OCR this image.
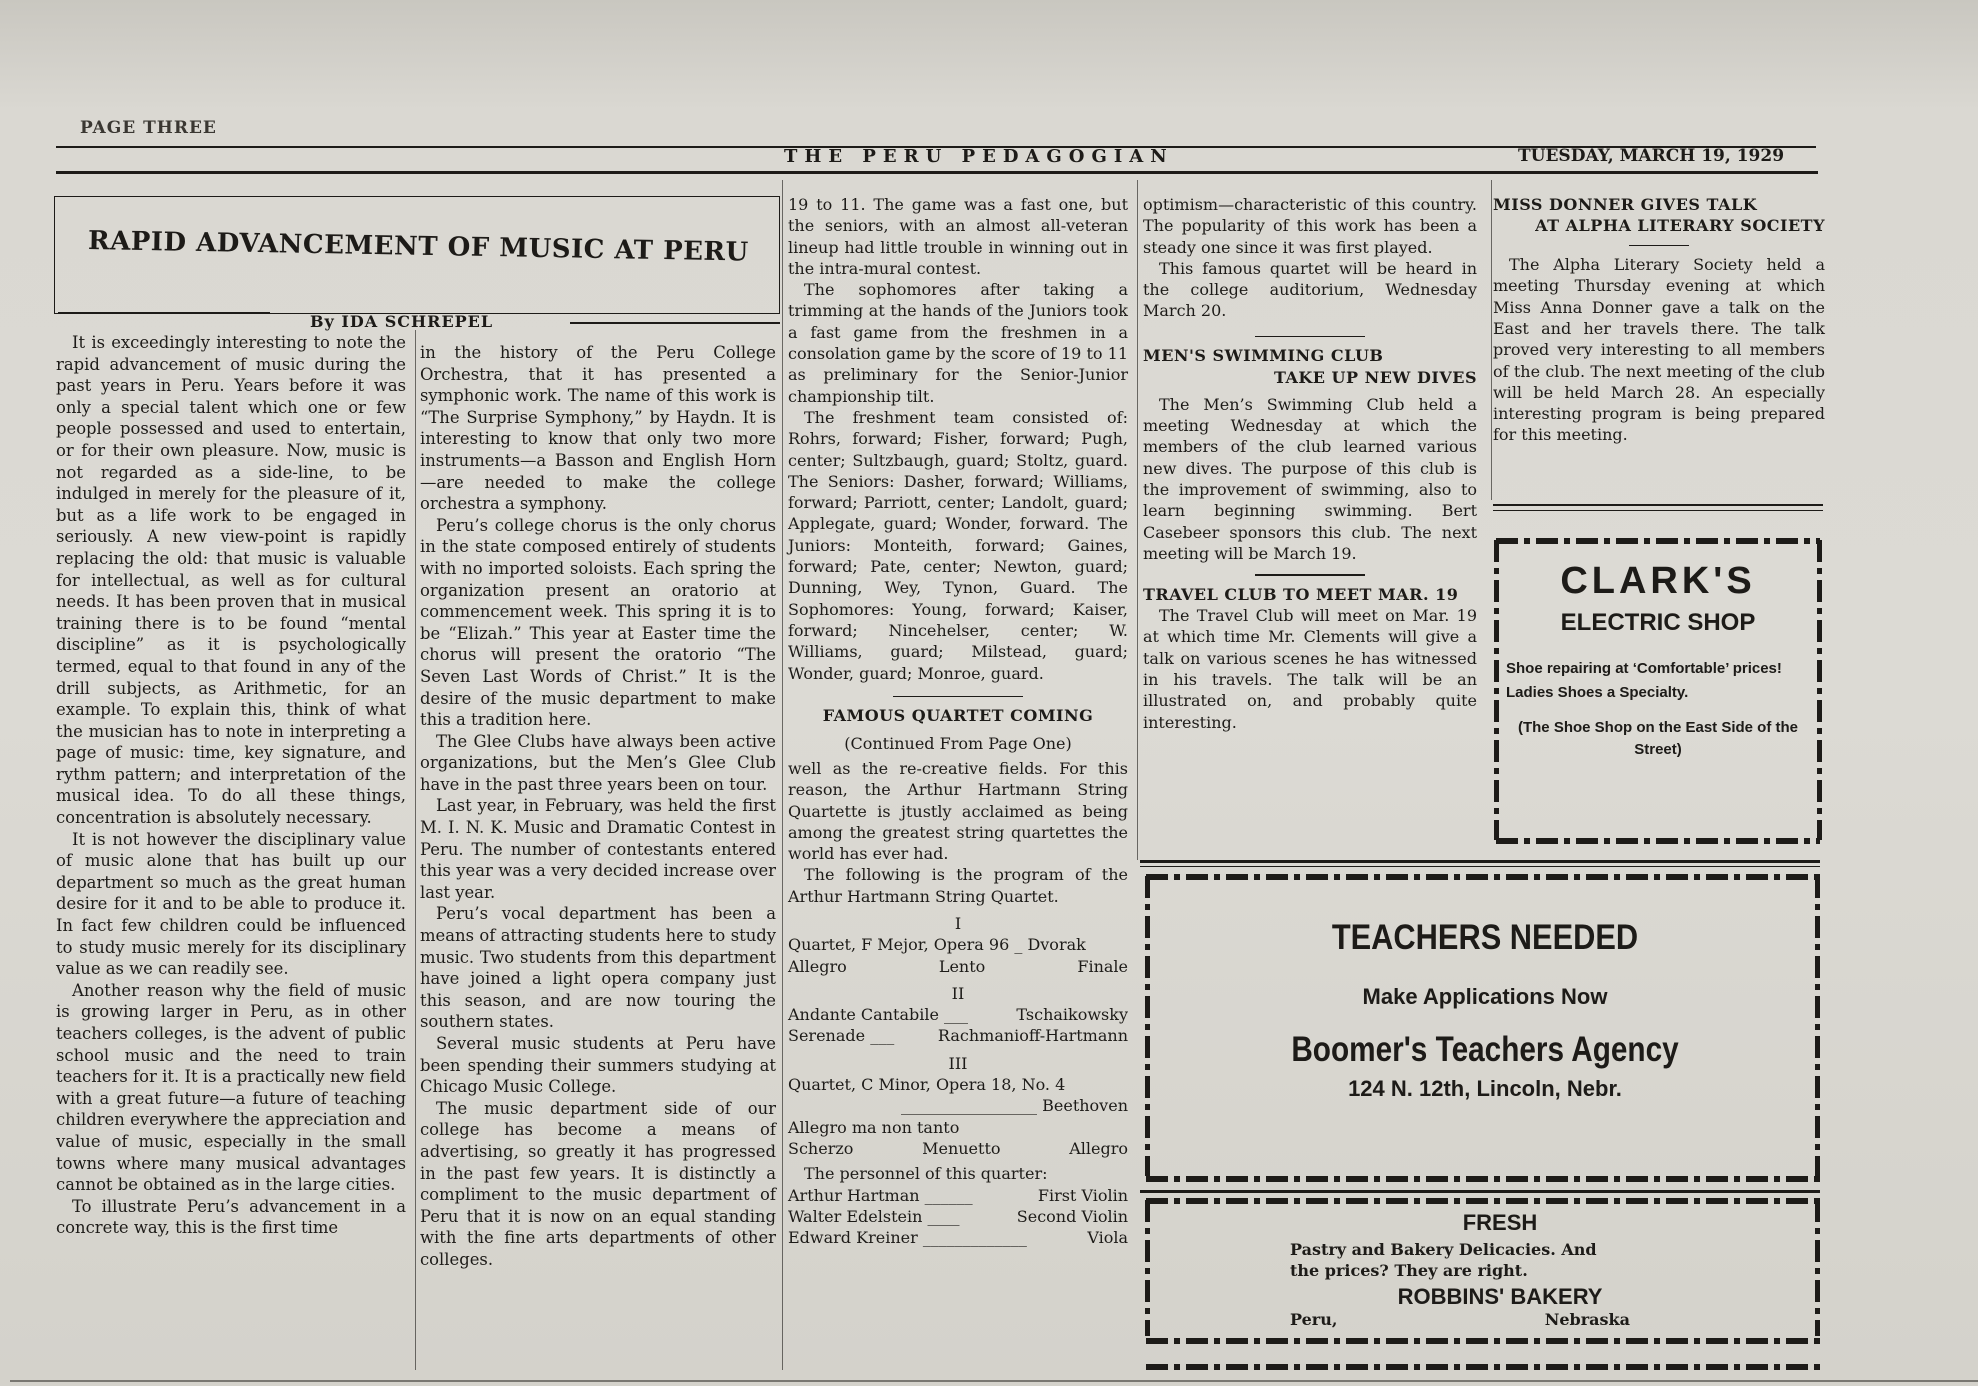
PAGE THREE
THE PERU PEDAGOGIAN	TUESDAY, MARCH 19, 1929
RAPID ADVANCEMENT OF MUSIC AT PERU
By IDA SCHREPEL

It is exceedingly interesting to note the rapid advancement of music during the past years in Peru. Years before it was only a special talent which one or few people possessed and used to entertain, or for their own pleasure. Now, music is not regarded as a side-line, to be indulged in merely for the pleasure of it, but as a life work to be engaged in seriously. A new view-point is rapidly replacing the old: that music is valuable for intellectual, as well as for cultural needs. It has been proven that in musical training there is to be found “mental discipline” as it is psychologically termed, equal to that found in any of the drill subjects, as Arithmetic, for an example. To explain this, think of what the musician has to note in interpreting a page of music: time, key signature, and rythm pattern; and interpretation of the musical idea. To do all these things, concentration is absolutely necessary.

It is not however the disciplinary value of music alone that has built up our department so much as the great human desire for it and to be able to produce it. In fact few children could be influenced to study music merely for its disciplinary value as we can readily see.

Another reason why the field of music is growing larger in Peru, as in other teachers colleges, is the advent of public school music and the need to train teachers for it. It is a practically new field with a great future—a future of teaching children everywhere the appreciation and value of music, especially in the small towns where many musical advantages cannot be obtained as in the large cities.

To illustrate Peru’s advancement in a concrete way, this is the first time

in the history of the Peru College Orchestra, that it has presented a symphonic work. The name of this work is “The Surprise Symphony,” by Haydn. It is interesting to know that only two more instruments—a Basson and English Horn—are needed to make the college orchestra a symphony.

Peru’s college chorus is the only chorus in the state composed entirely of students with no imported soloists. Each spring the organization present an oratorio at commencement week. This spring it is to be “Elizah.” This year at Easter time the chorus will present the oratorio “The Seven Last Words of Christ.” It is the desire of the music department to make this a tradition here.

The Glee Clubs have always been active organizations, but the Men’s Glee Club have in the past three years been on tour.

Last year, in February, was held the first M. I. N. K. Music and Dramatic Contest in Peru. The number of contestants entered this year was a very decided increase over last year.

Peru’s vocal department has been a means of attracting students here to study music. Two students from this department have joined a light opera company just this season, and are now touring the southern states.

Several music students at Peru have been spending their summers studying at Chicago Music College.

The music department side of our college has become a means of advertising, so greatly it has progressed in the past few years. It is distinctly a compliment to the music department of Peru that it is now on an equal standing with the fine arts departments of other colleges.

19 to 11. The game was a fast one, but the seniors, with an almost all-veteran lineup had little trouble in winning out in the intra-mural contest.

The sophomores after taking a trimming at the hands of the Juniors took a fast game from the freshmen in a consolation game by the score of 19 to 11 as preliminary for the Senior-Junior championship tilt.

The freshment team consisted of: Rohrs, forward; Fisher, forward; Pugh, center; Sultzbaugh, guard; Stoltz, guard. The Seniors: Dasher, forward; Williams, forward; Parriott, center; Landolt, guard; Applegate, guard; Wonder, forward. The Juniors: Monteith, forward; Gaines, forward; Pate, center; Newton, guard; Dunning, Wey, Tynon, Guard. The Sophomores: Young, forward; Kaiser, forward; Nincehelser, center; W. Williams, guard; Milstead, guard; Wonder, guard; Monroe, guard.

FAMOUS QUARTET COMING
(Continued From Page One)

well as the re-creative fields. For this reason, the Arthur Hartmann String Quartette is jtustly acclaimed as being among the greatest string quartettes the world has ever had.

The following is the program of the Arthur Hartmann String Quartet.

I
Quartet, F Mejor, Opera 96 _ Dvorak
Allegro	Lento	Finale
II
Andante Cantabile ___	Tschaikowsky
Serenade ___	Rachmanioff-Hartmann
III
Quartet, C Minor, Opera 18, No. 4
_________________ Beethoven
Allegro ma non tanto
Scherzo	Menuetto	Allegro

The personnel of this quarter:

Arthur Hartman ______	First Violin
Walter Edelstein ____	Second Violin
Edward Kreiner _____________	Viola

optimism—characteristic of this country. The popularity of this work has been a steady one since it was first played.

This famous quartet will be heard in the college auditorium, Wednesday March 20.

MEN'S SWIMMING CLUB
TAKE UP NEW DIVES

The Men’s Swimming Club held a meeting Wednesday at which the members of the club learned various new dives. The purpose of this club is the improvement of swimming, also to learn beginning swimming. Bert Casebeer sponsors this club. The next meeting will be March 19.

TRAVEL CLUB TO MEET MAR. 19

The Travel Club will meet on Mar. 19 at which time Mr. Clements will give a talk on various scenes he has witnessed in his travels. The talk will be an illustrated on, and probably quite interesting.

MISS DONNER GIVES TALK
AT ALPHA LITERARY SOCIETY

The Alpha Literary Society held a meeting Thursday evening at which Miss Anna Donner gave a talk on the East and her travels there. The talk proved very interesting to all members of the club. The next meeting of the club will be held March 28. An especially interesting program is being prepared for this meeting.

CLARK'S
ELECTRIC SHOP
Shoe repairing at ‘Comfortable’ prices! Ladies Shoes a Specialty.
(The Shoe Shop on the East Side of the Street)
TEACHERS NEEDED
Make Applications Now
Boomer's Teachers Agency
124 N. 12th, Lincoln, Nebr.
FRESH
Pastry and Bakery Delicacies. And
the prices? They are right.
ROBBINS' BAKERY
Peru,	Nebraska
